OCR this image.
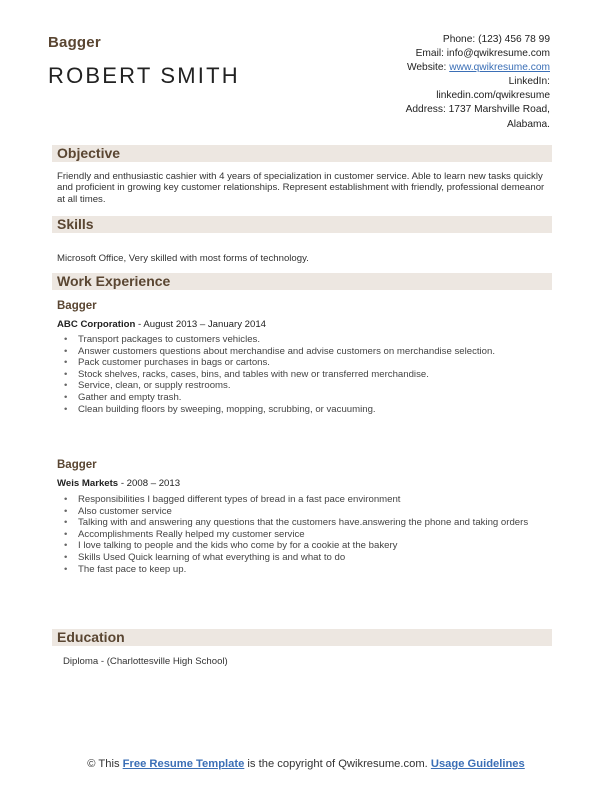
Bagger
ROBERT SMITH
Phone: (123) 456 78 99
Email: info@qwikresume.com
Website: www.qwikresume.com
LinkedIn:
linkedin.com/qwikresume
Address: 1737 Marshville Road,
Alabama.
Objective
Friendly and enthusiastic cashier with 4 years of specialization in customer service. Able to learn new tasks quickly and proficient in growing key customer relationships. Represent establishment with friendly, professional demeanor at all times.
Skills
Microsoft Office, Very skilled with most forms of technology.
Work Experience
Bagger
ABC Corporation - August 2013 – January 2014
• Transport packages to customers vehicles.
• Answer customers questions about merchandise and advise customers on merchandise selection.
• Pack customer purchases in bags or cartons.
• Stock shelves, racks, cases, bins, and tables with new or transferred merchandise.
• Service, clean, or supply restrooms.
• Gather and empty trash.
• Clean building floors by sweeping, mopping, scrubbing, or vacuuming.
Bagger
Weis Markets - 2008 – 2013
• Responsibilities I bagged different types of bread in a fast pace environment
• Also customer service
• Talking with and answering any questions that the customers have.answering the phone and taking orders
• Accomplishments Really helped my customer service
• I love talking to people and the kids who come by for a cookie at the bakery
• Skills Used Quick learning of what everything is and what to do
• The fast pace to keep up.
Education
Diploma - (Charlottesville High School)
© This Free Resume Template is the copyright of Qwikresume.com. Usage Guidelines
